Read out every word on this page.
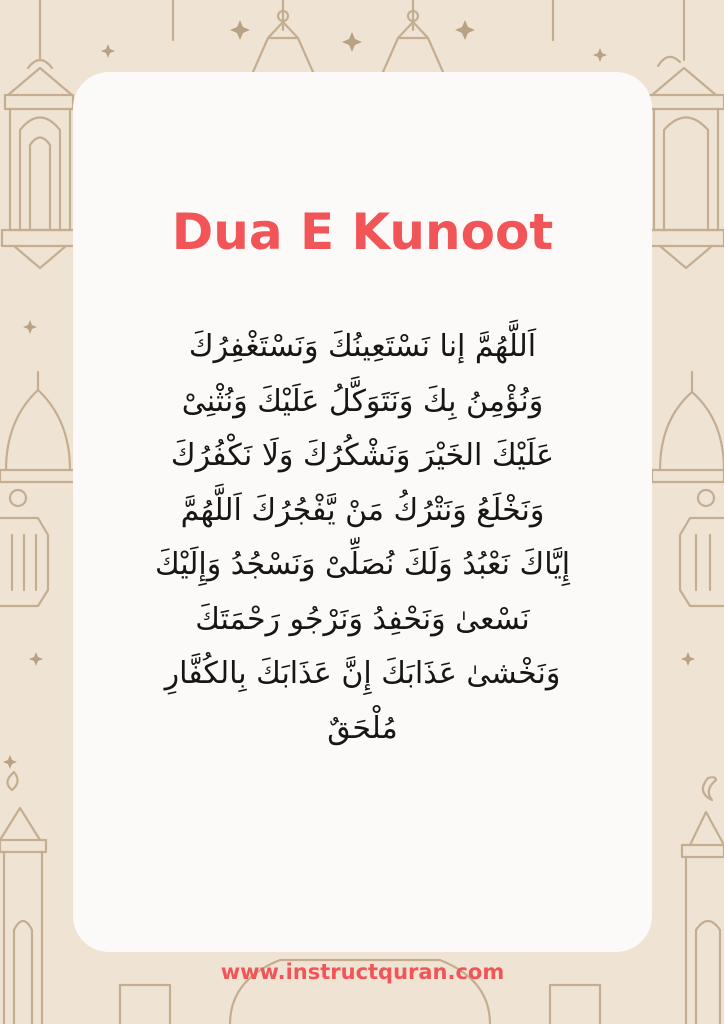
Dua E Kunoot
اَللَّهُمَّ إنا نَسْتَعِينُكَ وَنَسْتَغْفِرُكَ
وَنُؤْمِنُ بِكَ وَنَتَوَكَّلُ عَلَيْكَ وَنُثْنِىْ
عَلَيْكَ الخَيْرَ وَنَشْكُرُكَ وَلَا نَكْفُرُكَ
وَنَخْلَعُ وَنَتْرُكُ مَنْ يَّفْجُرُكَ اَللَّهُمَّ
إِيَّاكَ نَعْبُدُ وَلَكَ نُصَلِّىْ وَنَسْجُدُ وَإِلَيْكَ
نَسْعىٰ وَنَحْفِدُ وَنَرْجُو رَحْمَتَكَ
وَنَخْشىٰ عَذَابَكَ إِنَّ عَذَابَكَ بِالكُفَّارِ
مُلْحَقٌ
www.instructquran.com
